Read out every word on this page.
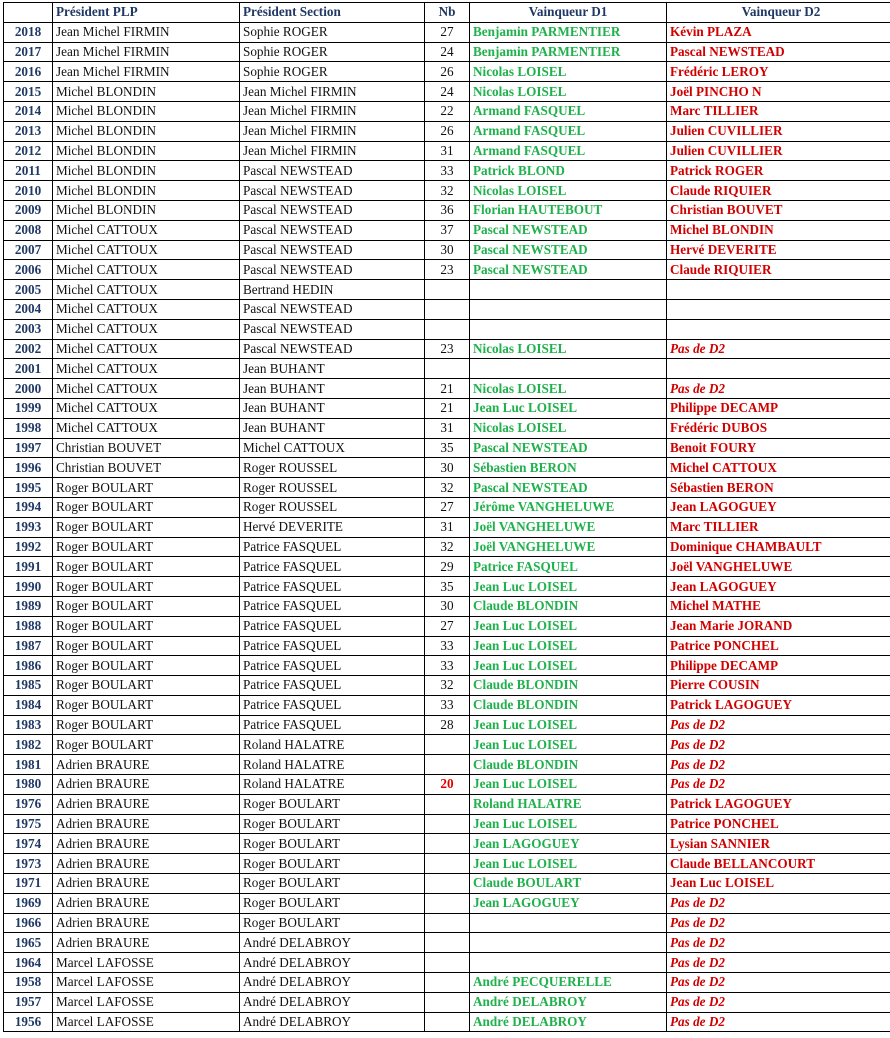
	Président PLP	Président Section	Nb	Vainqueur D1	Vainqueur D2
2018	Jean Michel FIRMIN	Sophie ROGER	27	Benjamin PARMENTIER	Kévin PLAZA
2017	Jean Michel FIRMIN	Sophie ROGER	24	Benjamin PARMENTIER	Pascal NEWSTEAD
2016	Jean Michel FIRMIN	Sophie ROGER	26	Nicolas LOISEL	Frédéric LEROY
2015	Michel BLONDIN	Jean Michel FIRMIN	24	Nicolas LOISEL	Joël PINCHO N
2014	Michel BLONDIN	Jean Michel FIRMIN	22	Armand FASQUEL	Marc TILLIER
2013	Michel BLONDIN	Jean Michel FIRMIN	26	Armand FASQUEL	Julien CUVILLIER
2012	Michel BLONDIN	Jean Michel FIRMIN	31	Armand FASQUEL	Julien CUVILLIER
2011	Michel BLONDIN	Pascal NEWSTEAD	33	Patrick BLOND	Patrick ROGER
2010	Michel BLONDIN	Pascal NEWSTEAD	32	Nicolas LOISEL	Claude RIQUIER
2009	Michel BLONDIN	Pascal NEWSTEAD	36	Florian HAUTEBOUT	Christian BOUVET
2008	Michel CATTOUX	Pascal NEWSTEAD	37	Pascal NEWSTEAD	Michel BLONDIN
2007	Michel CATTOUX	Pascal NEWSTEAD	30	Pascal NEWSTEAD	Hervé DEVERITE
2006	Michel CATTOUX	Pascal NEWSTEAD	23	Pascal NEWSTEAD	Claude RIQUIER
2005	Michel CATTOUX	Bertrand HEDIN			
2004	Michel CATTOUX	Pascal NEWSTEAD			
2003	Michel CATTOUX	Pascal NEWSTEAD			
2002	Michel CATTOUX	Pascal NEWSTEAD	23	Nicolas LOISEL	Pas de D2
2001	Michel CATTOUX	Jean BUHANT			
2000	Michel CATTOUX	Jean BUHANT	21	Nicolas LOISEL	Pas de D2
1999	Michel CATTOUX	Jean BUHANT	21	Jean Luc LOISEL	Philippe DECAMP
1998	Michel CATTOUX	Jean BUHANT	31	Nicolas LOISEL	Frédéric DUBOS
1997	Christian BOUVET	Michel CATTOUX	35	Pascal NEWSTEAD	Benoit FOURY
1996	Christian BOUVET	Roger ROUSSEL	30	Sébastien BERON	Michel CATTOUX
1995	Roger BOULART	Roger ROUSSEL	32	Pascal NEWSTEAD	Sébastien BERON
1994	Roger BOULART	Roger ROUSSEL	27	Jérôme VANGHELUWE	Jean LAGOGUEY
1993	Roger BOULART	Hervé DEVERITE	31	Joël VANGHELUWE	Marc TILLIER
1992	Roger BOULART	Patrice FASQUEL	32	Joël VANGHELUWE	Dominique CHAMBAULT
1991	Roger BOULART	Patrice FASQUEL	29	Patrice FASQUEL	Joël VANGHELUWE
1990	Roger BOULART	Patrice FASQUEL	35	Jean Luc LOISEL	Jean LAGOGUEY
1989	Roger BOULART	Patrice FASQUEL	30	Claude BLONDIN	Michel MATHE
1988	Roger BOULART	Patrice FASQUEL	27	Jean Luc LOISEL	Jean Marie JORAND
1987	Roger BOULART	Patrice FASQUEL	33	Jean Luc LOISEL	Patrice PONCHEL
1986	Roger BOULART	Patrice FASQUEL	33	Jean Luc LOISEL	Philippe DECAMP
1985	Roger BOULART	Patrice FASQUEL	32	Claude BLONDIN	Pierre COUSIN
1984	Roger BOULART	Patrice FASQUEL	33	Claude BLONDIN	Patrick LAGOGUEY
1983	Roger BOULART	Patrice FASQUEL	28	Jean Luc LOISEL	Pas de D2
1982	Roger BOULART	Roland HALATRE		Jean Luc LOISEL	Pas de D2
1981	Adrien BRAURE	Roland HALATRE		Claude BLONDIN	Pas de D2
1980	Adrien BRAURE	Roland HALATRE	20	Jean Luc LOISEL	Pas de D2
1976	Adrien BRAURE	Roger BOULART		Roland HALATRE	Patrick LAGOGUEY
1975	Adrien BRAURE	Roger BOULART		Jean Luc LOISEL	Patrice PONCHEL
1974	Adrien BRAURE	Roger BOULART		Jean LAGOGUEY	Lysian SANNIER
1973	Adrien BRAURE	Roger BOULART		Jean Luc LOISEL	Claude BELLANCOURT
1971	Adrien BRAURE	Roger BOULART		Claude BOULART	Jean Luc LOISEL
1969	Adrien BRAURE	Roger BOULART		Jean LAGOGUEY	Pas de D2
1966	Adrien BRAURE	Roger BOULART			Pas de D2
1965	Adrien BRAURE	André DELABROY			Pas de D2
1964	Marcel LAFOSSE	André DELABROY			Pas de D2
1958	Marcel LAFOSSE	André DELABROY		André PECQUERELLE	Pas de D2
1957	Marcel LAFOSSE	André DELABROY		André DELABROY	Pas de D2
1956	Marcel LAFOSSE	André DELABROY		André DELABROY	Pas de D2
